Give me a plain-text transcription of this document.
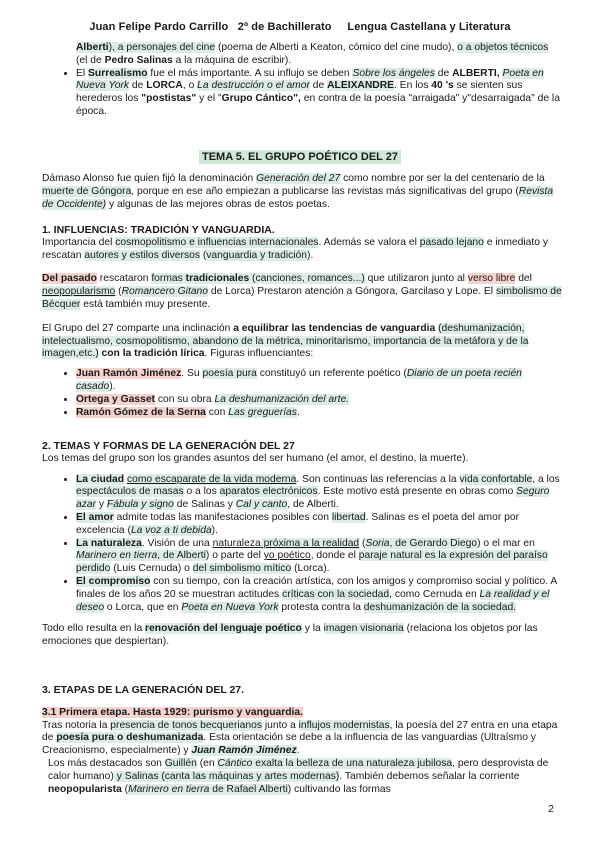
Juan Felipe Pardo Carrillo 2º de Bachillerato Lengua Castellana y Literatura
Alberti), a personajes del cine (poema de Alberti a Keaton, cómico del cine mudo), o a objetos técnicos (el de Pedro Salinas a la máquina de escribir).
• El Surrealismo fue el más importante. A su influjo se deben Sobre los ángeles de ALBERTI, Poeta en Nueva York de LORCA, o La destrucción o el amor de ALEIXANDRE. En los 40 's se sienten sus herederos los "postistas" y el "Grupo Cántico", en contra de la poesía "arraigada" y"desarraigada" de la época.
TEMA 5. EL GRUPO POÉTICO DEL 27
Dámaso Alonso fue quien fijó la denominación Generación del 27 como nombre por ser la del centenario de la muerte de Góngora, porque en ese año empiezan a publicarse las revistas más significativas del grupo (Revista de Occidente) y algunas de las mejores obras de estos poetas.
1. INFLUENCIAS: TRADICIÓN Y VANGUARDIA.
Importancia del cosmopolitismo e influencias internacionales. Además se valora el pasado lejano e inmediato y rescatan autores y estilos diversos (vanguardia y tradición).
Del pasado rescataron formas tradicionales (canciones, romances...) que utilizaron junto al verso libre del neopopularismo (Romancero Gitano de Lorca) Prestaron atención a Góngora, Garcilaso y Lope. El simbolismo de Bécquer está también muy presente.
El Grupo del 27 comparte una inclinación a equilibrar las tendencias de vanguardia (deshumanización, intelectualismo, cosmopolitismo, abandono de la métrica, minoritarismo, importancia de la metáfora y de la imagen,etc.) con la tradición lírica. Figuras influenciantes:
• Juan Ramón Jiménez. Su poesía pura constituyó un referente poético (Diario de un poeta recién casado).
• Ortega y Gasset con su obra La deshumanización del arte.
• Ramón Gómez de la Serna con Las greguerías.
2. TEMAS Y FORMAS DE LA GENERACIÓN DEL 27
Los temas del grupo son los grandes asuntos del ser humano (el amor, el destino, la muerte).
• La ciudad como escaparate de la vida moderna. Son continuas las referencias a la vida confortable, a los espectáculos de masas o a los aparatos electrónicos. Este motivo está presente en obras como Seguro azar y Fábula y signo de Salinas y Cal y canto, de Alberti.
• El amor admite todas las manifestaciones posibles con libertad. Salinas es el poeta del amor por excelencia (La voz a ti debida).
• La naturaleza. Visión de una naturaleza próxima a la realidad (Soria, de Gerardo Diego) o el mar en Marinero en tierra, de Alberti) o parte del yo poético, donde el paraje natural es la expresión del paraíso perdido (Luis Cernuda) o del simbolismo mítico (Lorca).
• El compromiso con su tiempo, con la creación artística, con los amigos y compromiso social y político. A finales de los años 20 se muestran actitudes críticas con la sociedad, como Cernuda en La realidad y el deseo o Lorca, que en Poeta en Nueva York protesta contra la deshumanización de la sociedad.
Todo ello resulta en la renovación del lenguaje poético y la imagen visionaria (relaciona los objetos por las emociones que despiertan).
3. ETAPAS DE LA GENERACIÓN DEL 27.
3.1 Primera etapa. Hasta 1929: purismo y vanguardia.
Tras notoria la presencia de tonos becquerianos junto a influjos modernistas, la poesía del 27 entra en una etapa de poesía pura o deshumanizada. Esta orientación se debe a la influencia de las vanguardias (Ultraísmo y Creacionismo, especialmente) y Juan Ramón Jiménez.
Los más destacados son Guillén (en Cántico exalta la belleza de una naturaleza jubilosa, pero desprovista de calor humano) y Salinas (canta las máquinas y artes modernas). También debemos señalar la corriente neopopularista (Marinero en tierra de Rafael Alberti) cultivando las formas
2
